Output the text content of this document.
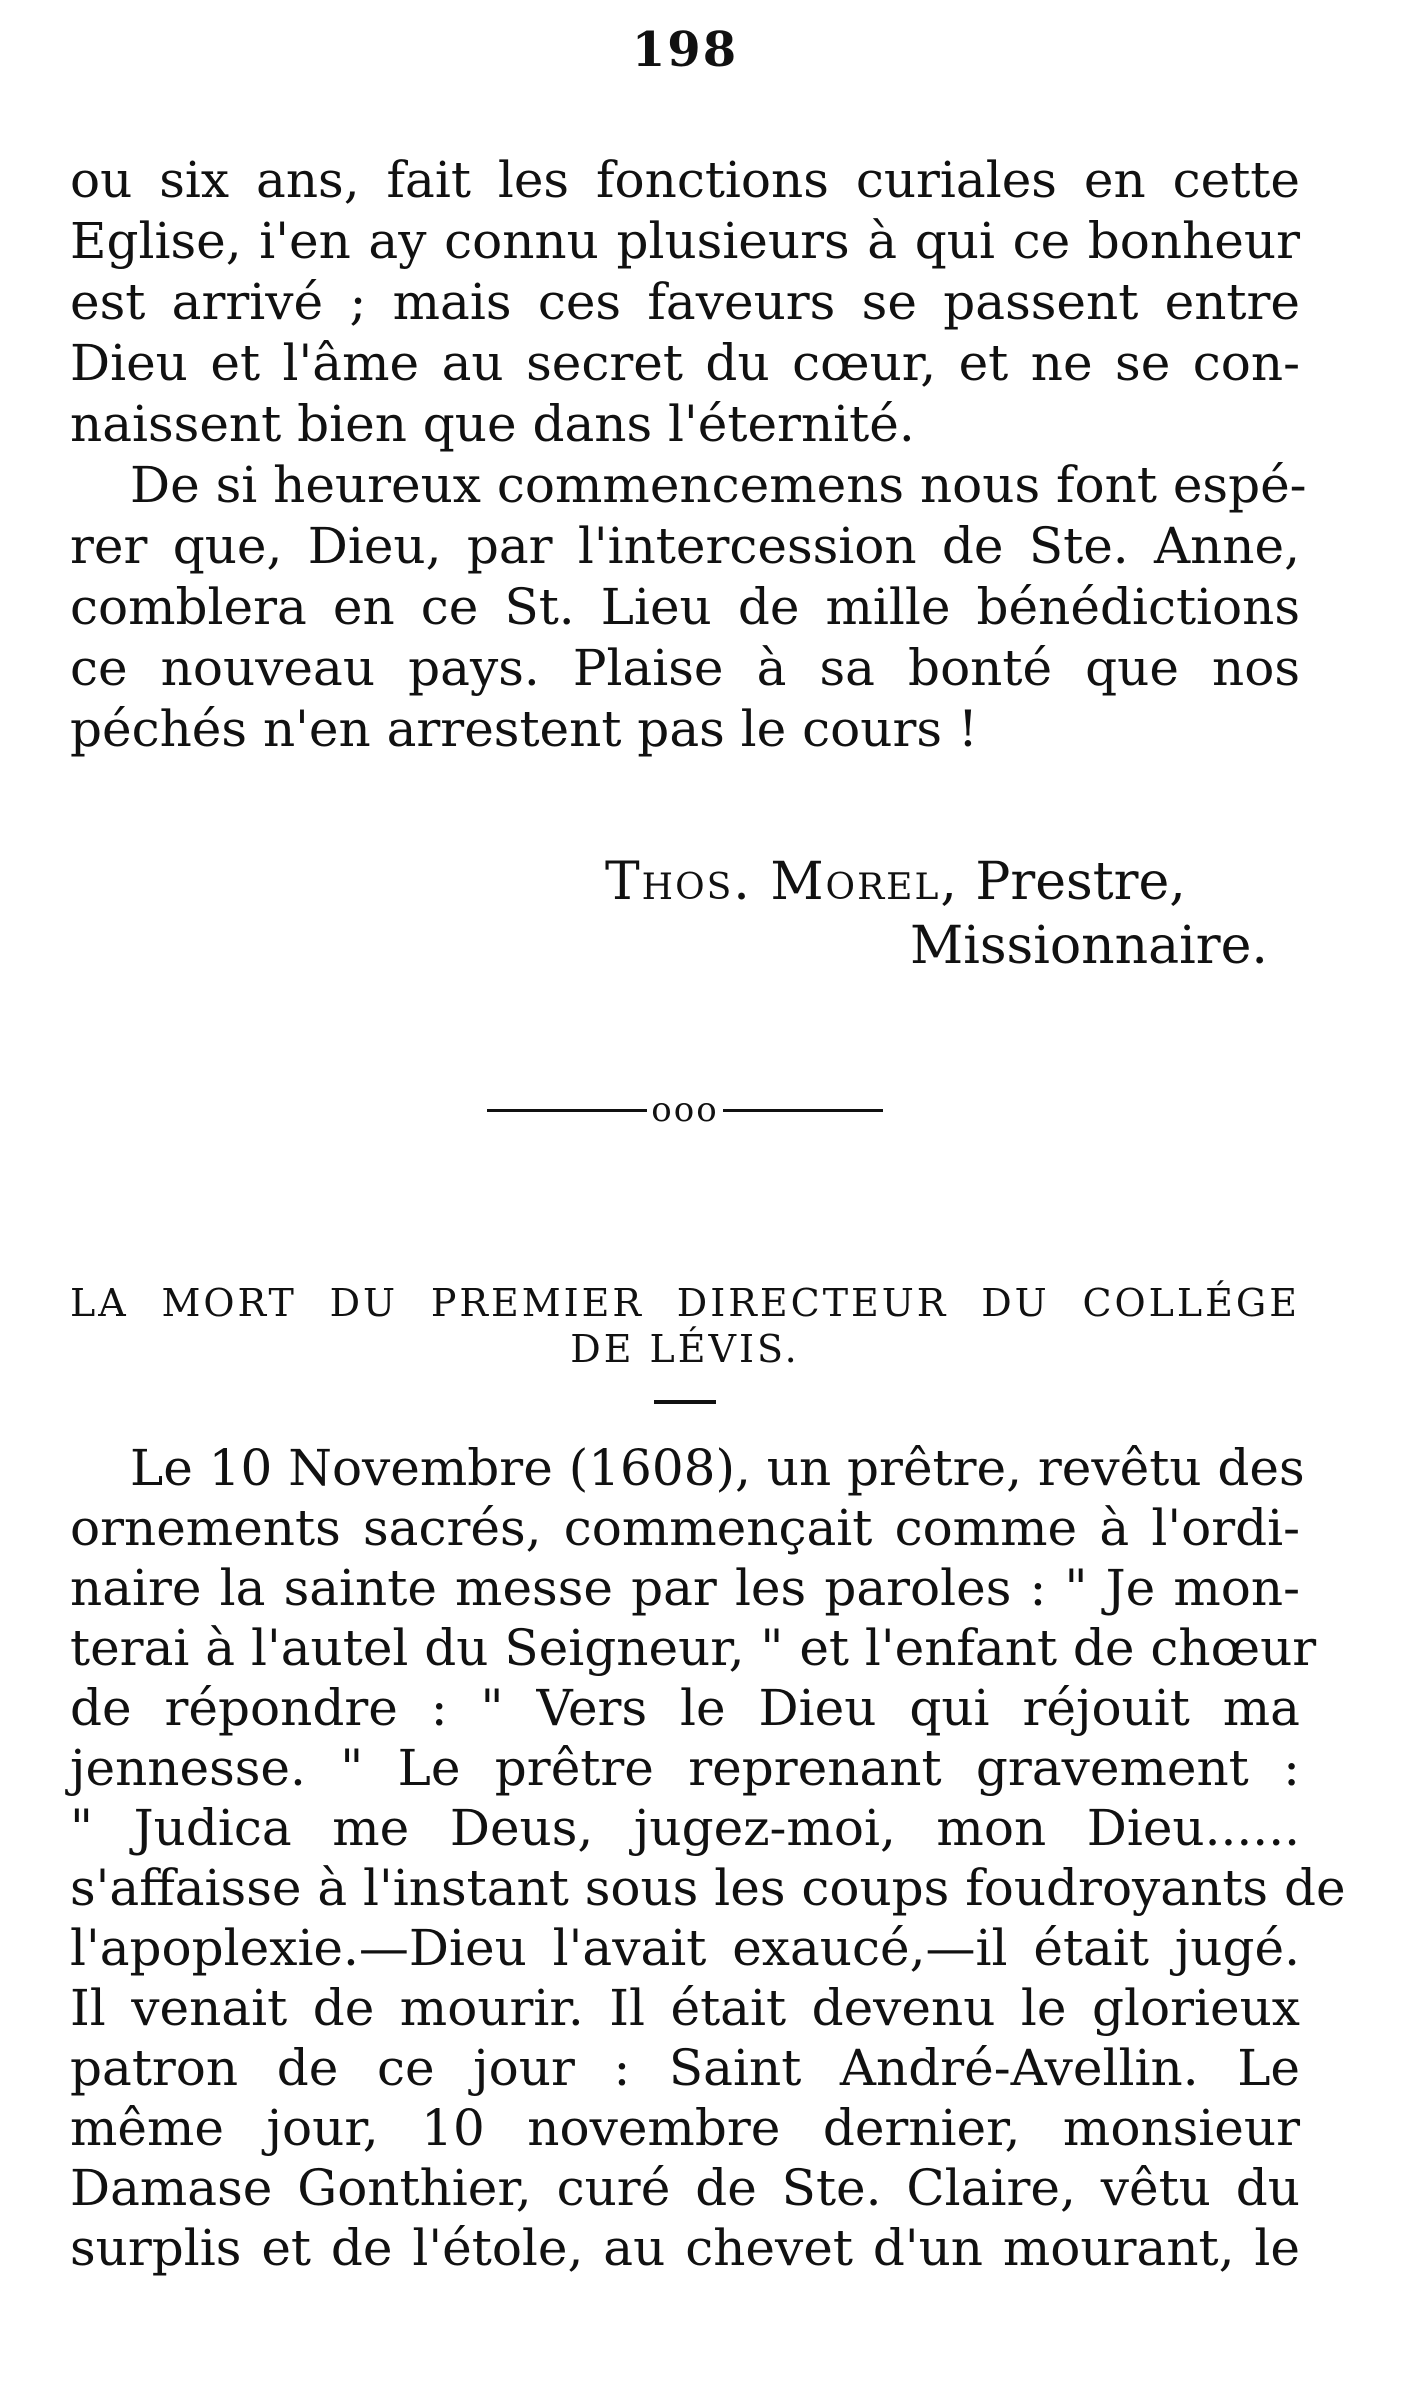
198
ou six ans, fait les fonctions curiales en cette
Eglise, i'en ay connu plusieurs à qui ce bonheur
est arrivé ; mais ces faveurs se passent entre
Dieu et l'âme au secret du cœur, et ne se con-
naissent bien que dans l'éternité.
De si heureux commencemens nous font espé-
rer que, Dieu, par l'intercession de Ste. Anne,
comblera en ce St. Lieu de mille bénédictions
ce nouveau pays. Plaise à sa bonté que nos
péchés n'en arrestent pas le cours !
Thos. Morel, Prestre,
Missionnaire.
ooo
LA MORT DU PREMIER DIRECTEUR DU COLLÉGE
DE LÉVIS.
Le 10 Novembre (1608), un prêtre, revêtu des
ornements sacrés, commençait comme à l'ordi-
naire la sainte messe par les paroles : " Je mon-
terai à l'autel du Seigneur, " et l'enfant de chœur
de répondre : " Vers le Dieu qui réjouit ma
jennesse. " Le prêtre reprenant gravement :
" Judica me Deus, jugez-moi, mon Dieu......
s'affaisse à l'instant sous les coups foudroyants de
l'apoplexie.—Dieu l'avait exaucé,—il était jugé.
Il venait de mourir. Il était devenu le glorieux
patron de ce jour : Saint André-Avellin. Le
même jour, 10 novembre dernier, monsieur
Damase Gonthier, curé de Ste. Claire, vêtu du
surplis et de l'étole, au chevet d'un mourant, le
